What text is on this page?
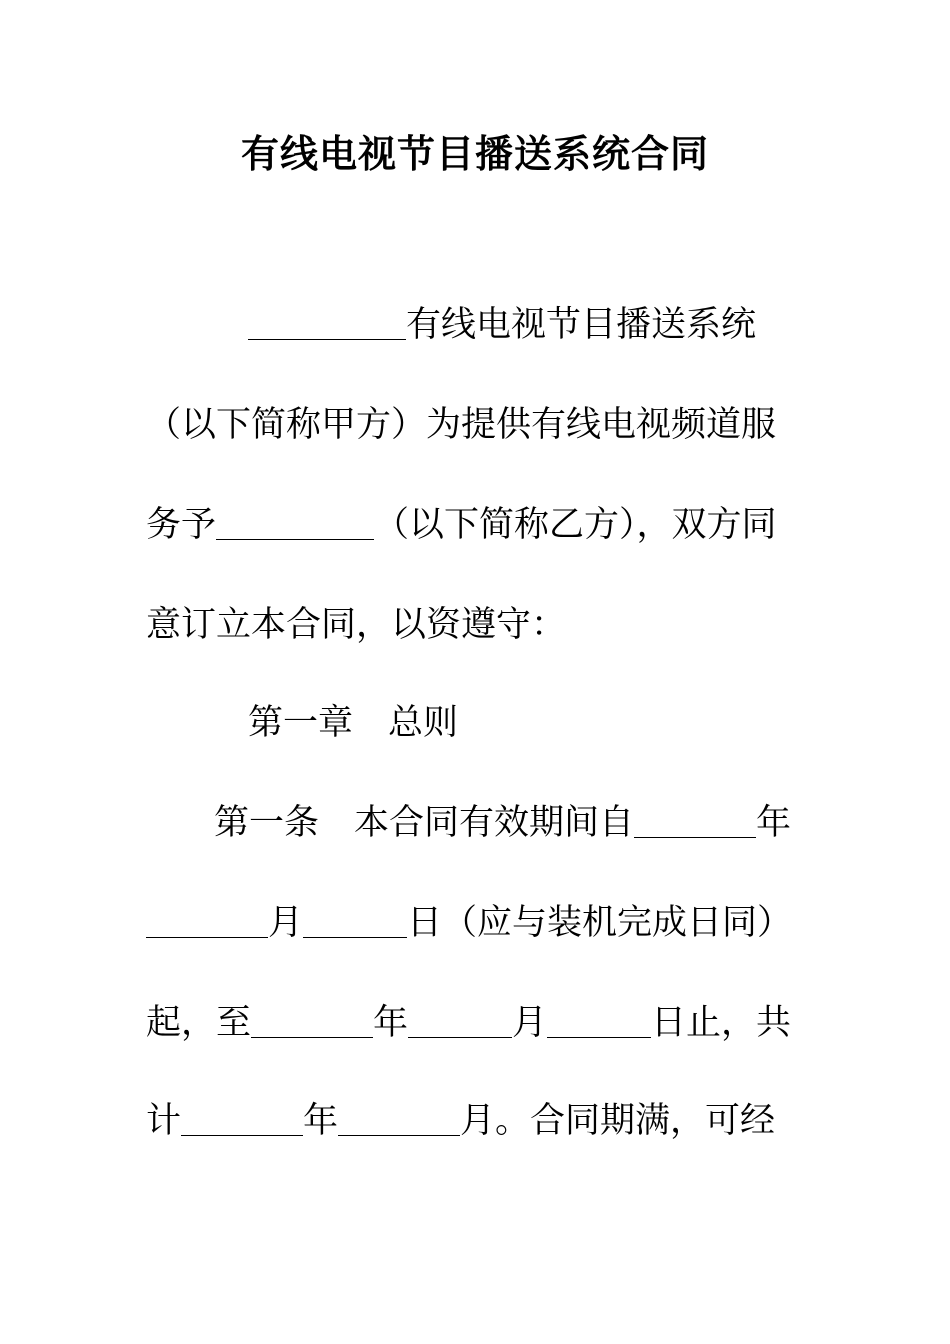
有线电视节目播送系统合同
有线电视节目播送系统
（以下简称甲方）为提供有线电视频道服
务予	（以下简称乙方），双方同
意订立本合同，以资遵守：
第一章 总则
第一条 本合同有效期间自	年
月	日（应与装机完成日同）
起，至	年	月	日止，共
计	年	月。合同期满，可经
